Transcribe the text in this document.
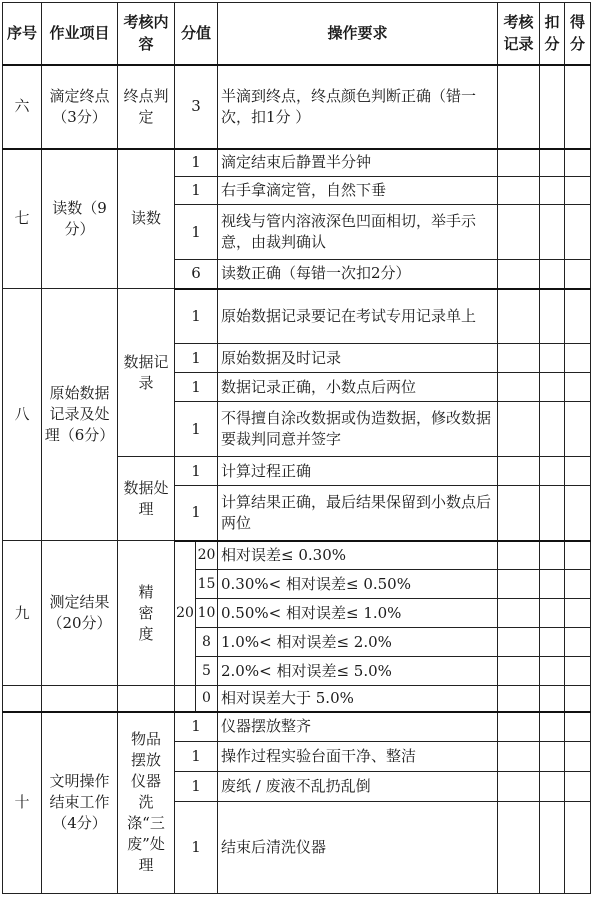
序号	作业项目	考核内容	分值		操作要求	考核记录	扣分	得分
六	滴定终点（3分）	终点判定	3		半滴到终点，终点颜色判断正确（错一次，扣1分 ）			
七	读数（9分）	读数	1		滴定结束后静置半分钟			
			1		右手拿滴定管，自然下垂			
			1		视线与管内溶液深色凹面相切，举手示意，由裁判确认			
			6		读数正确（每错一次扣2分）			
八	原始数据记录及处理（6分）	数据记录	1		原始数据记录要记在考试专用记录单上			
			1		原始数据及时记录			
			1		数据记录正确，小数点后两位			
			1		不得擅自涂改数据或伪造数据，修改数据要裁判同意并签字			
		数据处理	1		计算过程正确			
			1		计算结果正确，最后结果保留到小数点后两位			
九	测定结果（20分）	精密度	20	20	相对误差≤ 0.30%			
				15	0.30%< 相对误差≤ 0.50%			
				10	0.50%< 相对误差≤ 1.0%			
				8	1.0%< 相对误差≤ 2.0%			
				5	2.0%< 相对误差≤ 5.0%			
				0	相对误差大于 5.0%			
十	文明操作结束工作（4分）	物品摆放仪器洗涤“三废”处理	1		仪器摆放整齐			
			1		操作过程实验台面干净、整洁			
			1		废纸 / 废液不乱扔乱倒			
			1		结束后清洗仪器			
